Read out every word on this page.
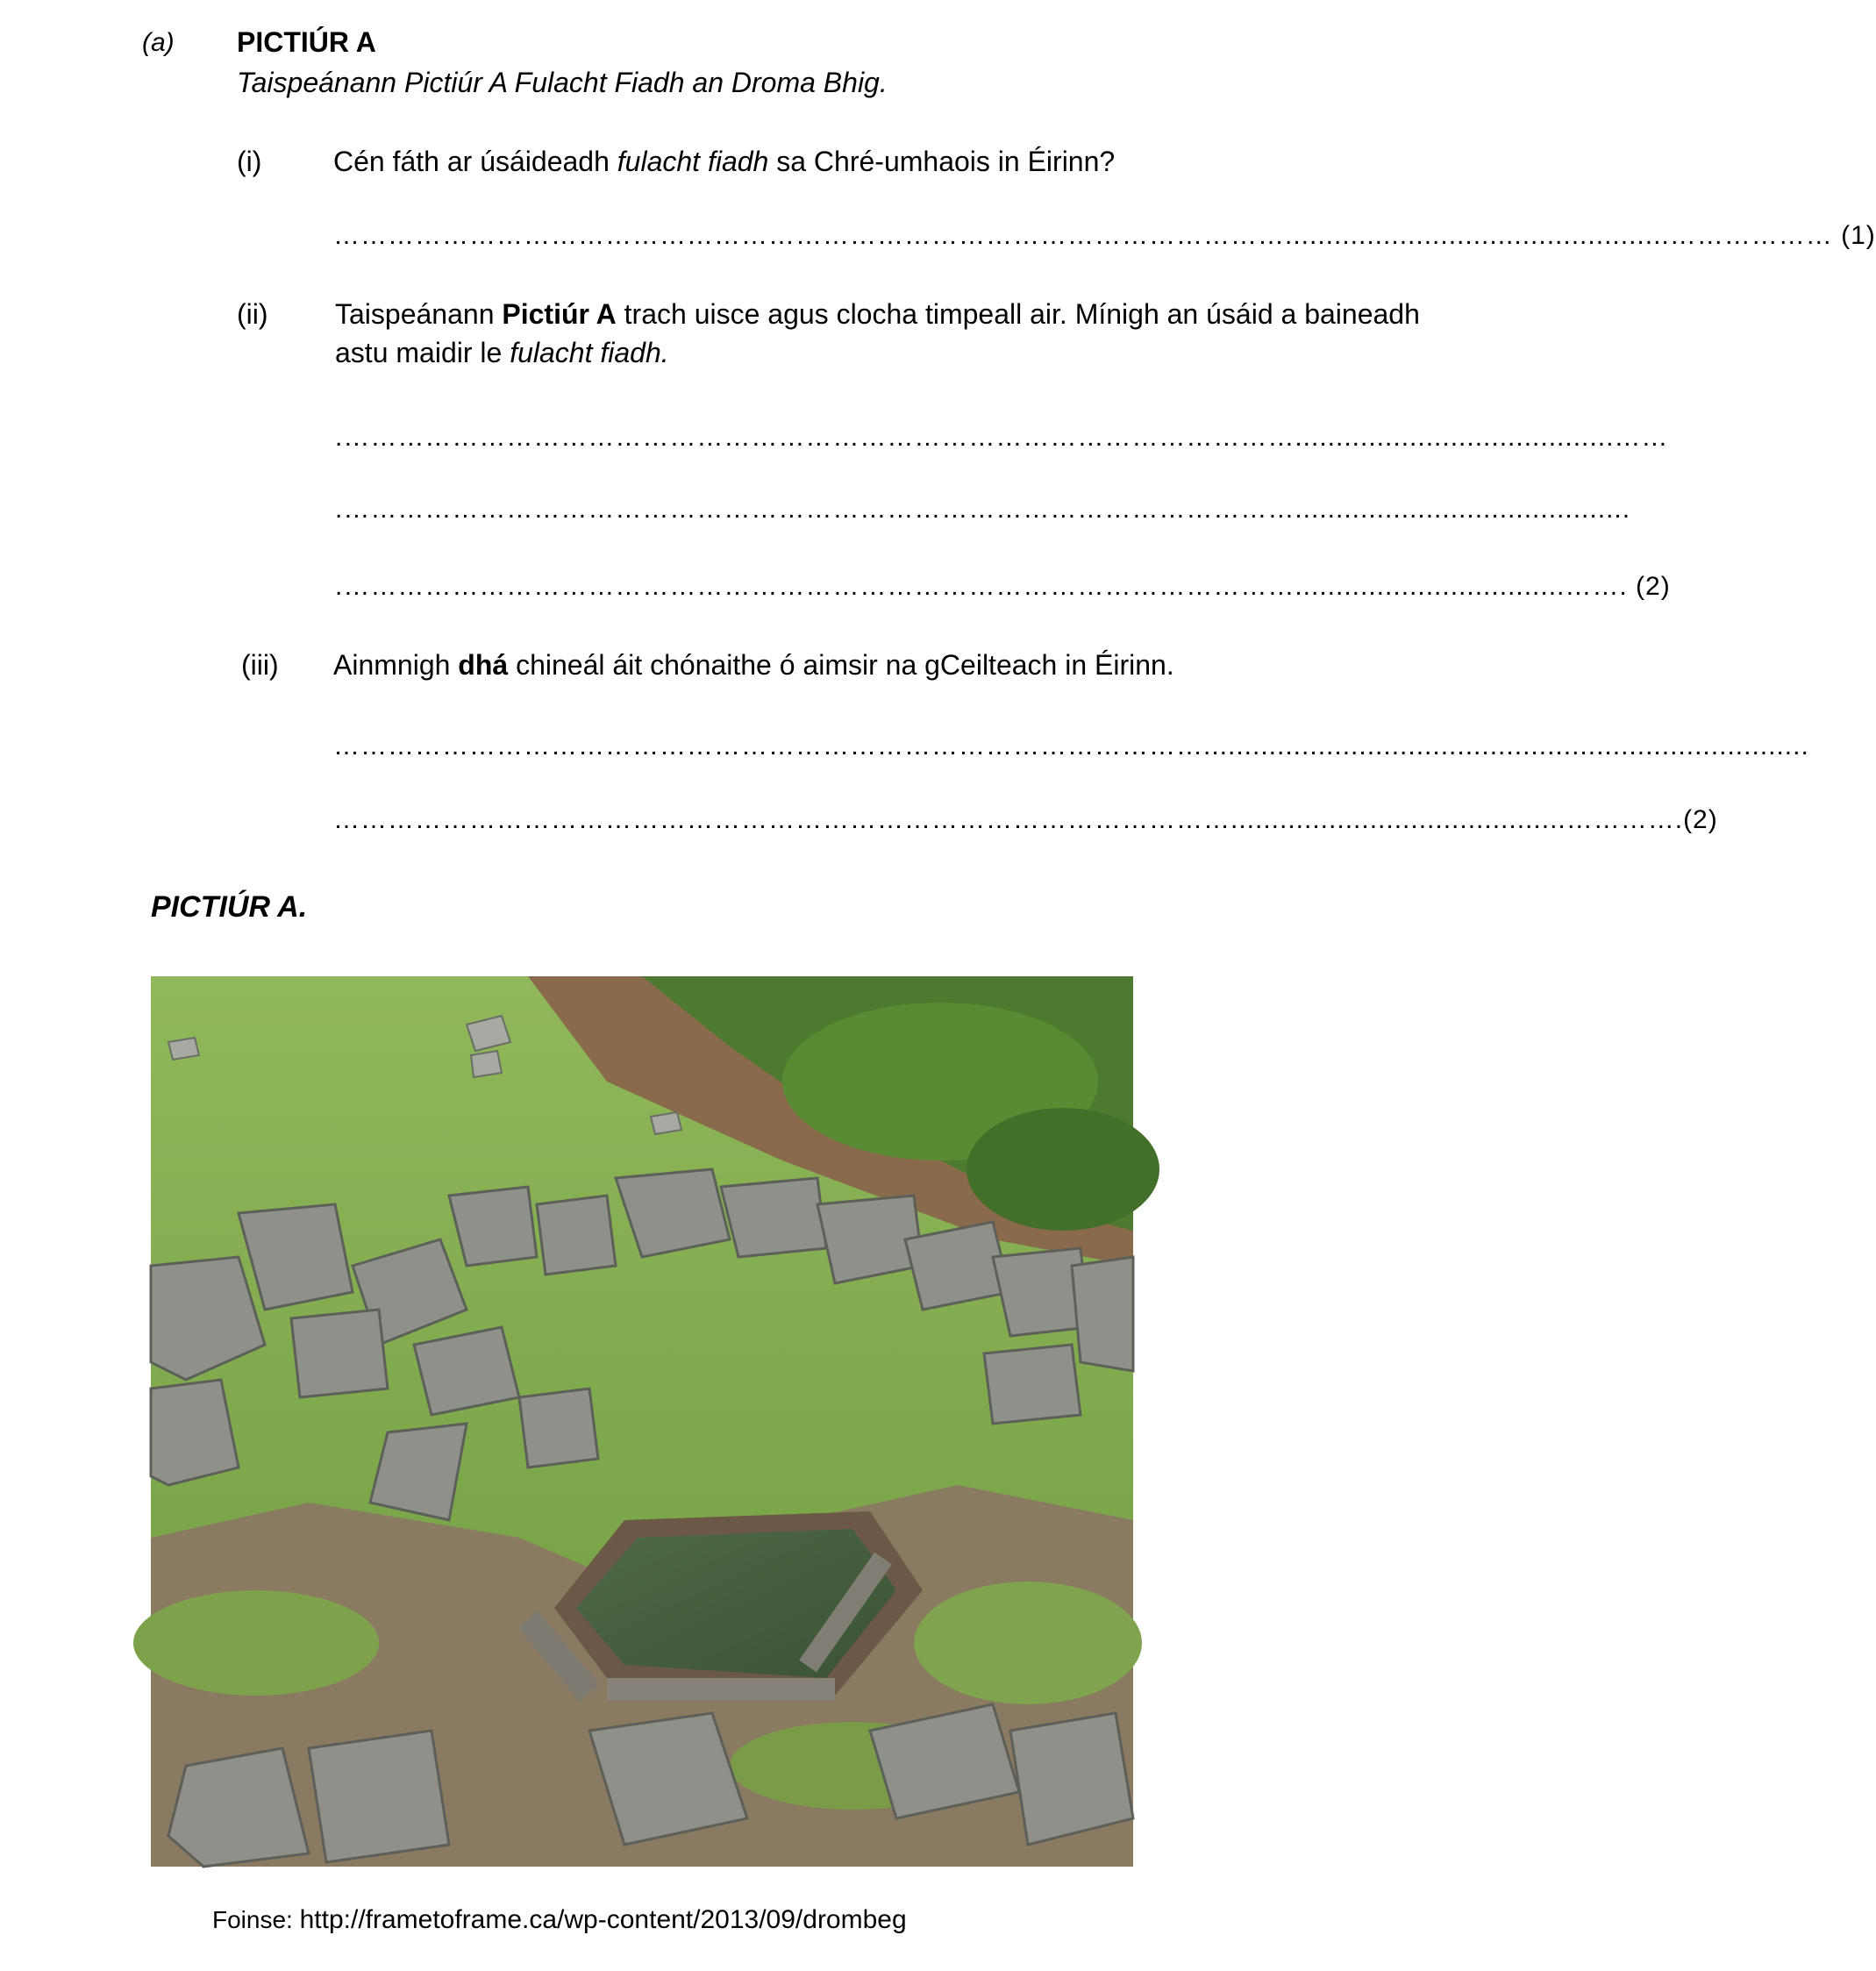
(a) PICTIÚR A
Taispeánann Pictiúr A Fulacht Fiadh an Droma Bhig.
(i)	Cén fáth ar úsáideadh fulacht fiadh sa Chré-umhaois in Éirinn?
……………………………………………………………………………………………...............................................……………… (1)
(ii) Taispeánann Pictiúr A trach uisce agus clocha timpeall air. Mínigh an úsáid a baineadh
astu maidir le fulacht fiadh.
.…………………………………………………………………………………………….......................................……
.…………………………………………………………………………………………….........................................
.…………………………………………………………………………………………….................................……. (2)
(iii) Ainmnigh dhá chineál áit chónaithe ó aimsir na gCeilteach in Éirinn.
……………………………………………………………………………………..........................................................................
……………………………………………………………………………………….........................................………….(2)
PICTIÚR A.
Foinse: http://frametoframe.ca/wp-content/2013/09/drombeg
